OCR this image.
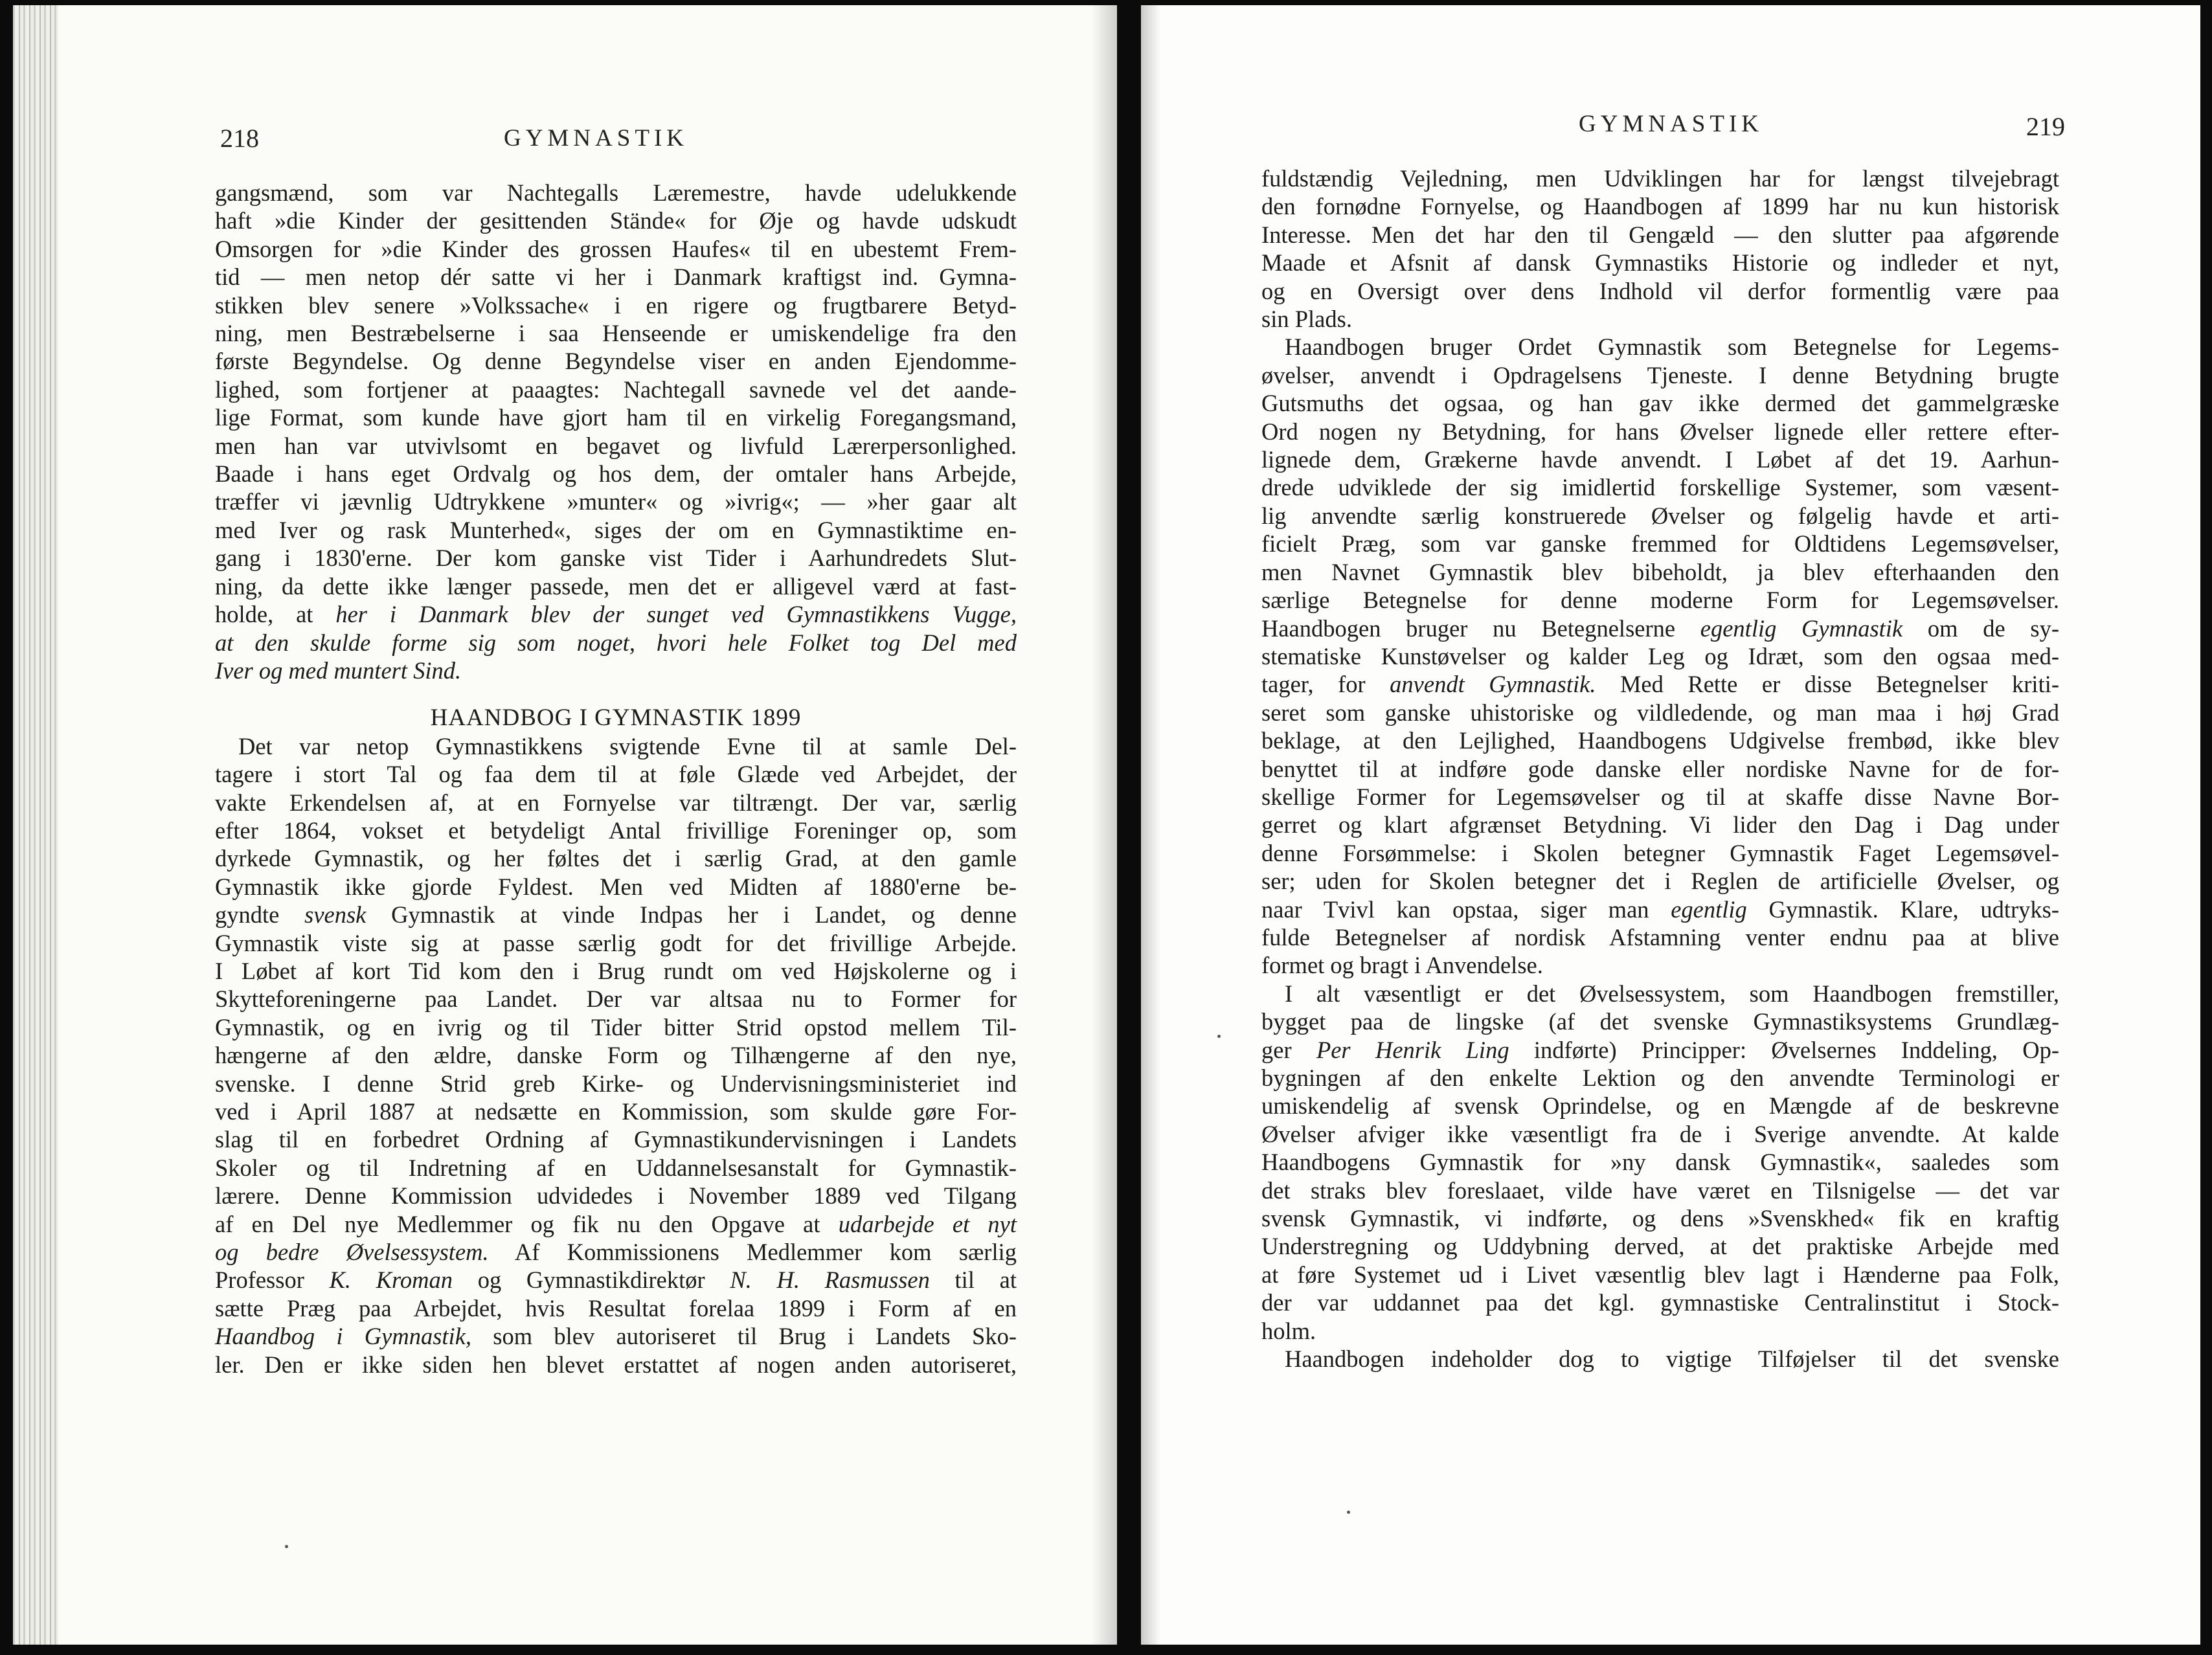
218	GYMNASTIK

gangsmænd, som var Nachtegalls Læremestre, havde udelukkende

haft »die Kinder der gesittenden Stände« for Øje og havde udskudt

Omsorgen for »die Kinder des grossen Haufes« til en ubestemt Frem-

tid — men netop dér satte vi her i Danmark kraftigst ind. Gymna-

stikken blev senere »Volkssache« i en rigere og frugtbarere Betyd-

ning, men Bestræbelserne i saa Henseende er umiskendelige fra den

første Begyndelse. Og denne Begyndelse viser en anden Ejendomme-

lighed, som fortjener at paaagtes: Nachtegall savnede vel det aande-

lige Format, som kunde have gjort ham til en virkelig Foregangsmand,

men han var utvivlsomt en begavet og livfuld Lærerpersonlighed.

Baade i hans eget Ordvalg og hos dem, der omtaler hans Arbejde,

træffer vi jævnlig Udtrykkene »munter« og »ivrig«; — »her gaar alt

med Iver og rask Munterhed«, siges der om en Gymnastiktime en-

gang i 1830'erne. Der kom ganske vist Tider i Aarhundredets Slut-

ning, da dette ikke længer passede, men det er alligevel værd at fast-

holde, at her i Danmark blev der sunget ved Gymnastikkens Vugge,

at den skulde forme sig som noget, hvori hele Folket tog Del med

Iver og med muntert Sind.

HAANDBOG I GYMNASTIK 1899

Det var netop Gymnastikkens svigtende Evne til at samle Del-

tagere i stort Tal og faa dem til at føle Glæde ved Arbejdet, der

vakte Erkendelsen af, at en Fornyelse var tiltrængt. Der var, særlig

efter 1864, vokset et betydeligt Antal frivillige Foreninger op, som

dyrkede Gymnastik, og her føltes det i særlig Grad, at den gamle

Gymnastik ikke gjorde Fyldest. Men ved Midten af 1880'erne be-

gyndte svensk Gymnastik at vinde Indpas her i Landet, og denne

Gymnastik viste sig at passe særlig godt for det frivillige Arbejde.

I Løbet af kort Tid kom den i Brug rundt om ved Højskolerne og i

Skytteforeningerne paa Landet. Der var altsaa nu to Former for

Gymnastik, og en ivrig og til Tider bitter Strid opstod mellem Til-

hængerne af den ældre, danske Form og Tilhængerne af den nye,

svenske. I denne Strid greb Kirke- og Undervisningsministeriet ind

ved i April 1887 at nedsætte en Kommission, som skulde gøre For-

slag til en forbedret Ordning af Gymnastikundervisningen i Landets

Skoler og til Indretning af en Uddannelsesanstalt for Gymnastik-

lærere. Denne Kommission udvidedes i November 1889 ved Tilgang

af en Del nye Medlemmer og fik nu den Opgave at udarbejde et nyt

og bedre Øvelsessystem. Af Kommissionens Medlemmer kom særlig

Professor K. Kroman og Gymnastikdirektør N. H. Rasmussen til at

sætte Præg paa Arbejdet, hvis Resultat forelaa 1899 i Form af en

Haandbog i Gymnastik, som blev autoriseret til Brug i Landets Sko-

ler. Den er ikke siden hen blevet erstattet af nogen anden autoriseret,

GYMNASTIK	219

fuldstændig Vejledning, men Udviklingen har for længst tilvejebragt

den fornødne Fornyelse, og Haandbogen af 1899 har nu kun historisk

Interesse. Men det har den til Gengæld — den slutter paa afgørende

Maade et Afsnit af dansk Gymnastiks Historie og indleder et nyt,

og en Oversigt over dens Indhold vil derfor formentlig være paa

sin Plads.

Haandbogen bruger Ordet Gymnastik som Betegnelse for Legems-

øvelser, anvendt i Opdragelsens Tjeneste. I denne Betydning brugte

Gutsmuths det ogsaa, og han gav ikke dermed det gammelgræske

Ord nogen ny Betydning, for hans Øvelser lignede eller rettere efter-

lignede dem, Grækerne havde anvendt. I Løbet af det 19. Aarhun-

drede udviklede der sig imidlertid forskellige Systemer, som væsent-

lig anvendte særlig konstruerede Øvelser og følgelig havde et arti-

ficielt Præg, som var ganske fremmed for Oldtidens Legemsøvelser,

men Navnet Gymnastik blev bibeholdt, ja blev efterhaanden den

særlige Betegnelse for denne moderne Form for Legemsøvelser.

Haandbogen bruger nu Betegnelserne egentlig Gymnastik om de sy-

stematiske Kunstøvelser og kalder Leg og Idræt, som den ogsaa med-

tager, for anvendt Gymnastik. Med Rette er disse Betegnelser kriti-

seret som ganske uhistoriske og vildledende, og man maa i høj Grad

beklage, at den Lejlighed, Haandbogens Udgivelse frembød, ikke blev

benyttet til at indføre gode danske eller nordiske Navne for de for-

skellige Former for Legemsøvelser og til at skaffe disse Navne Bor-

gerret og klart afgrænset Betydning. Vi lider den Dag i Dag under

denne Forsømmelse: i Skolen betegner Gymnastik Faget Legemsøvel-

ser; uden for Skolen betegner det i Reglen de artificielle Øvelser, og

naar Tvivl kan opstaa, siger man egentlig Gymnastik. Klare, udtryks-

fulde Betegnelser af nordisk Afstamning venter endnu paa at blive

formet og bragt i Anvendelse.

I alt væsentligt er det Øvelsessystem, som Haandbogen fremstiller,

bygget paa de lingske (af det svenske Gymnastiksystems Grundlæg-

ger Per Henrik Ling indførte) Principper: Øvelsernes Inddeling, Op-

bygningen af den enkelte Lektion og den anvendte Terminologi er

umiskendelig af svensk Oprindelse, og en Mængde af de beskrevne

Øvelser afviger ikke væsentligt fra de i Sverige anvendte. At kalde

Haandbogens Gymnastik for »ny dansk Gymnastik«, saaledes som

det straks blev foreslaaet, vilde have været en Tilsnigelse — det var

svensk Gymnastik, vi indførte, og dens »Svenskhed« fik en kraftig

Understregning og Uddybning derved, at det praktiske Arbejde med

at føre Systemet ud i Livet væsentlig blev lagt i Hænderne paa Folk,

der var uddannet paa det kgl. gymnastiske Centralinstitut i Stock-

holm.

Haandbogen indeholder dog to vigtige Tilføjelser til det svenske
